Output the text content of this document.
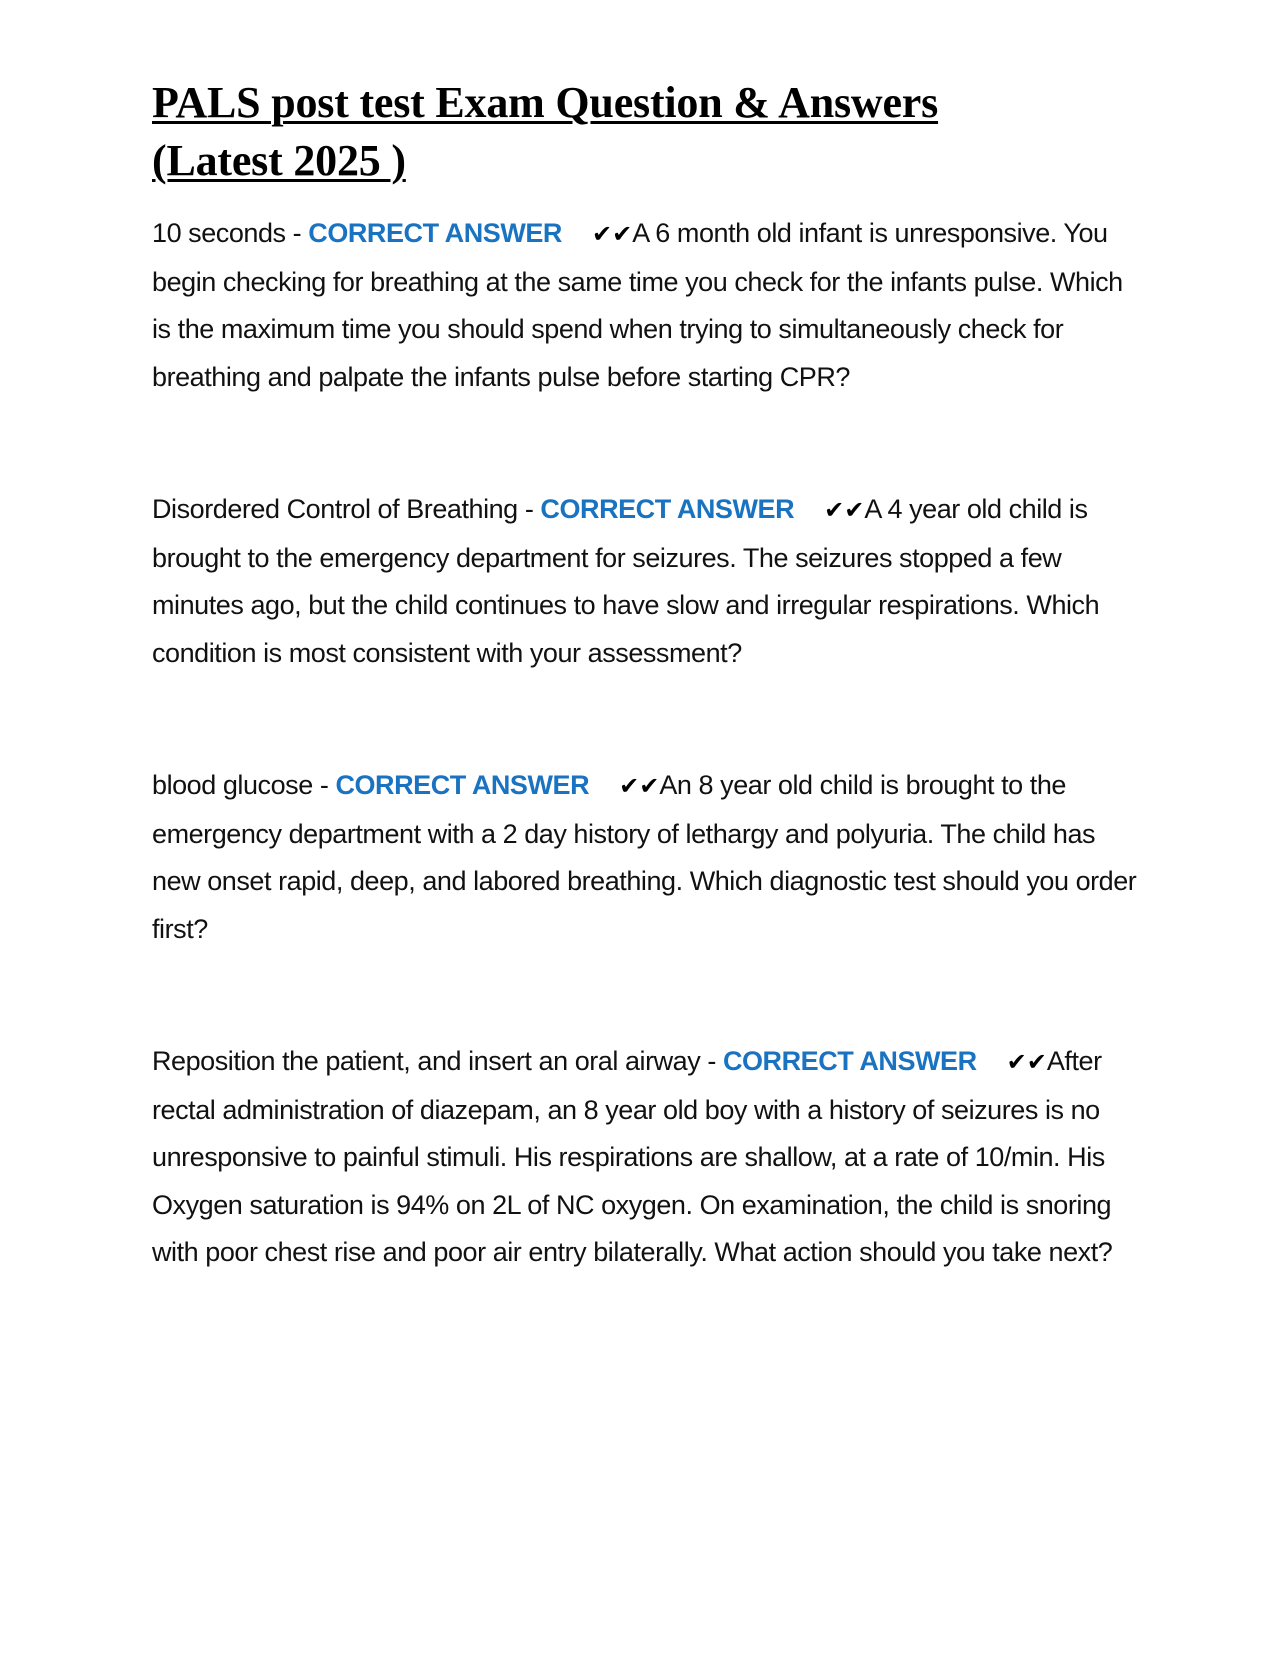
PALS post test Exam Question & Answers
(Latest 2025 )

10 seconds - CORRECT ANSWER ✔✔A 6 month old infant is unresponsive. You begin checking for breathing at the same time you check for the infants pulse. Which is the maximum time you should spend when trying to simultaneously check for breathing and palpate the infants pulse before starting CPR?

Disordered Control of Breathing - CORRECT ANSWER ✔✔A 4 year old child is brought to the emergency department for seizures. The seizures stopped a few minutes ago, but the child continues to have slow and irregular respirations. Which condition is most consistent with your assessment?

blood glucose - CORRECT ANSWER ✔✔An 8 year old child is brought to the emergency department with a 2 day history of lethargy and polyuria. The child has new onset rapid, deep, and labored breathing. Which diagnostic test should you order first?

Reposition the patient, and insert an oral airway - CORRECT ANSWER ✔✔After rectal administration of diazepam, an 8 year old boy with a history of seizures is no unresponsive to painful stimuli. His respirations are shallow, at a rate of 10/min. His Oxygen saturation is 94% on 2L of NC oxygen. On examination, the child is snoring with poor chest rise and poor air entry bilaterally. What action should you take next?
